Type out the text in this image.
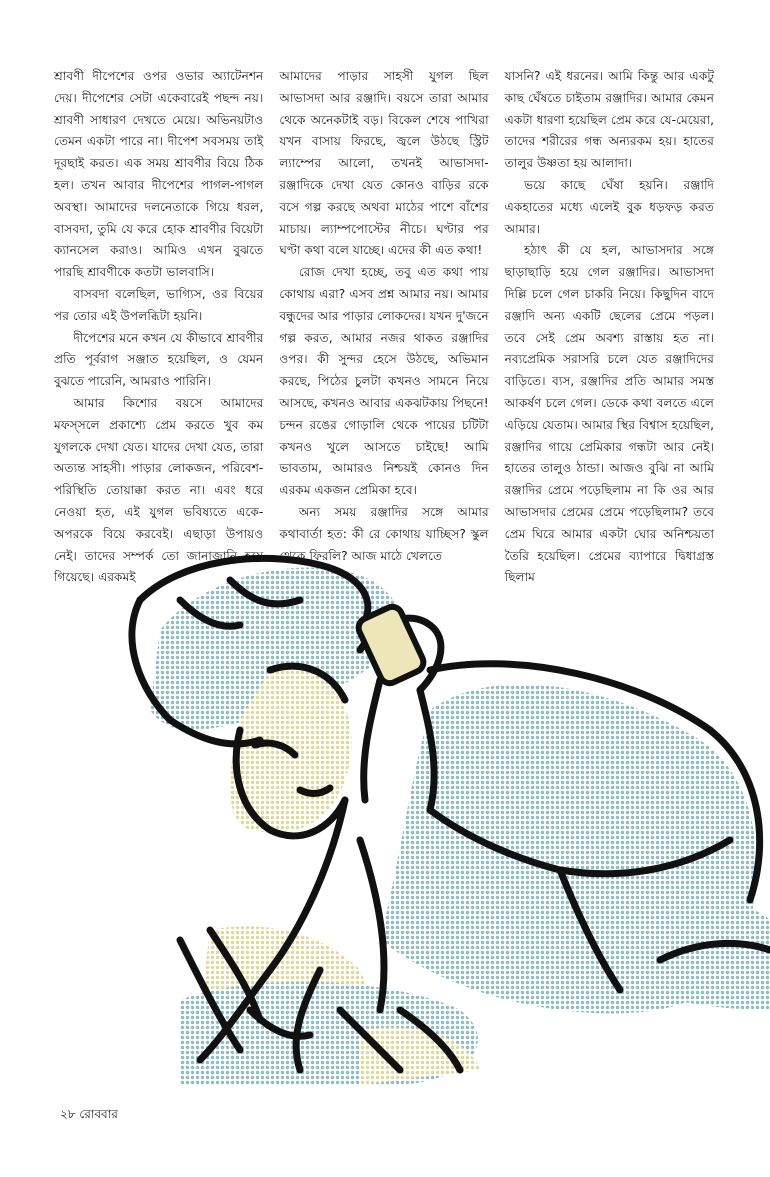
শ্রাবণী দীপেশের ওপর ওভার অ্যাটেনশন দেয়। দীপেশের সেটা একেবারেই পছন্দ নয়। শ্রাবণী সাধারণ দেখতে মেয়ে। অভিনয়টাও তেমন একটা পারে না। দীপেশ সবসময় তাই দূরছাই করত। এক সময় শ্রাবণীর বিয়ে ঠিক হল। তখন আবার দীপেশের পাগল-পাগল অবস্থা। আমাদের দলনেতাকে গিয়ে ধরল, বাসবদা, তুমি যে করে হোক শ্রাবণীর বিয়েটা ক্যানসেল করাও। আমিও এখন বুঝতে পারছি শ্রাবণীকে কতটা ভালবাসি।

বাসবদা বলেছিল, ভাগ্যিস, ওর বিয়ের পর তোর এই উপলব্ধিটা হয়নি।

দীপেশের মনে কখন যে কীভাবে শ্রাবণীর প্রতি পূর্বরাগ সঞ্জাত হয়েছিল, ও যেমন বুঝতে পারেনি, আমরাও পারিনি।

আমার কিশোর বয়সে আমাদের মফস্‌সলে প্রকাশ্যে প্রেম করতে খুব কম যুগলকে দেখা যেত। যাদের দেখা যেত, তারা অত্যন্ত সাহসী। পাড়ার লোকজন, পরিবেশ-পরিস্থিতি তোয়াক্কা করত না। এবং ধরে নেওয়া হত, এই যুগল ভবিষ্যতে একে-অপরকে বিয়ে করবেই। এছাড়া উপায়ও নেই। তাদের সম্পর্ক তো জানাজানি হয়ে গিয়েছে। এরকমই

আমাদের পাড়ার সাহসী যুগল ছিল আভাসদা আর রঞ্জাদি। বয়সে তারা আমার থেকে অনেকটাই বড়। বিকেল শেষে পাখিরা যখন বাসায় ফিরছে, জ্বলে উঠছে স্ট্রিট ল্যাম্পের আলো, তখনই আভাসদা-রঞ্জাদিকে দেখা যেত কোনও বাড়ির রকে বসে গল্প করছে অথবা মাঠের পাশে বাঁশের মাচায়। ল্যাম্পপোস্টের নীচে। ঘণ্টার পর ঘণ্টা কথা বলে যাচ্ছে। এদের কী এত কথা!

রোজ দেখা হচ্ছে, তবু এত কথা পায় কোথায় এরা? এসব প্রশ্ন আমার নয়। আমার বন্ধুদের আর পাড়ার লোকদের। যখন দু'জনে গল্প করত, আমার নজর থাকত রঞ্জাদির ওপর। কী সুন্দর হেসে উঠছে, অভিমান করছে, পিঠের চুলটা কখনও সামনে নিয়ে আসছে, কখনও আবার একঝটকায় পিছনে! চন্দন রঙের গোড়ালি থেকে পায়ের চটিটা কখনও খুলে আসতে চাইছে! আমি ভাবতাম, আমারও নিশ্চয়ই কোনও দিন এরকম একজন প্রেমিকা হবে।

অন্য সময় রঞ্জাদির সঙ্গে আমার কথাবার্তা হত: কী রে কোথায় যাচ্ছিস? স্কুল থেকে ফিরলি? আজ মাঠে খেলতে

যাসনি? এই ধরনের। আমি কিন্তু আর একটু কাছ ঘেঁষতে চাইতাম রঞ্জাদির। আমার কেমন একটা ধারণা হয়েছিল প্রেম করে যে-মেয়েরা, তাদের শরীরের গন্ধ অন্যরকম হয়। হাতের তালুর উষ্ণতা হয় আলাদা।

ভয়ে কাছে ঘেঁষা হয়নি। রঞ্জাদি একহাতের মধ্যে এলেই বুক ধড়ফড় করত আমার।

হঠাৎ কী যে হল, আভাসদার সঙ্গে ছাড়াছাড়ি হয়ে গেল রঞ্জাদির। আভাসদা দিল্লি চলে গেল চাকরি নিয়ে। কিছুদিন বাদে রঞ্জাদি অন্য একটি ছেলের প্রেমে পড়ল। তবে সেই প্রেম অবশ্য রাস্তায় হত না। নব্যপ্রেমিক সরাসরি চলে যেত রঞ্জাদিদের বাড়িতে। ব্যস, রঞ্জাদির প্রতি আমার সমস্ত আকর্ষণ চলে গেল। ডেকে কথা বলতে এলে এড়িয়ে যেতাম। আমার স্থির বিশ্বাস হয়েছিল, রঞ্জাদির গায়ে প্রেমিকার গন্ধটা আর নেই। হাতের তালুও ঠান্ডা। আজও বুঝি না আমি রঞ্জাদির প্রেমে পড়েছিলাম না কি ওর আর আভাসদার প্রেমের প্রেমে পড়েছিলাম? তবে প্রেম ঘিরে আমার একটা ঘোর অনিশ্চয়তা তৈরি হয়েছিল। প্রেমের ব্যাপারে দ্বিধাগ্রস্ত ছিলাম

২৮ রোববার
